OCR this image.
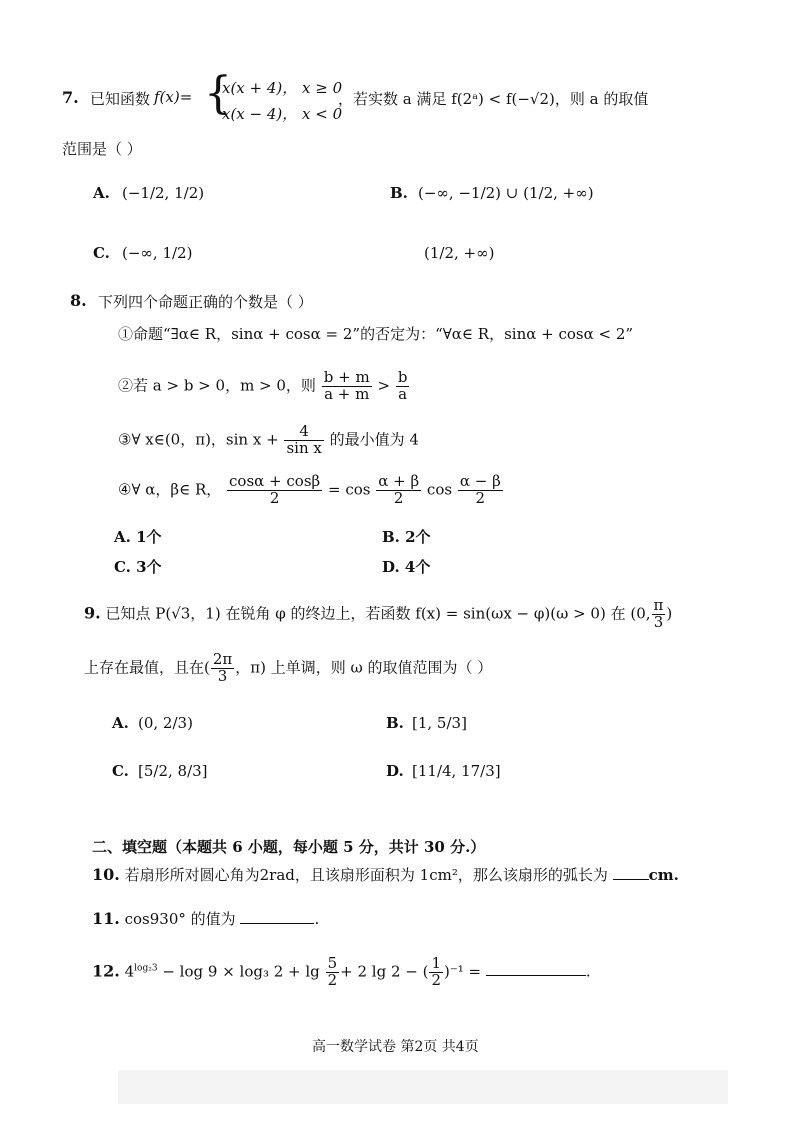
7. 已知函数 f(x)= {
x(x + 4)， x ≥ 0
x(x − 4)， x < 0
，若实数 a 满足 f(2ᵃ) < f(−√2)，则 a 的取值
范围是（ ）
A. (−1/2, 1/2)	B. (−∞, −1/2) ∪ (1/2, +∞)
C. (−∞, 1/2)	(1/2, +∞)
8. 下列四个命题正确的个数是（ ）
①命题“∃α∈ R，sinα + cosα = 2”的否定为：“∀α∈ R，sinα + cosα < 2”
②若 a > b > 0，m > 0，则 $\frac{b + m}{a + m} > \frac{b}{a}$
③∀ x∈(0，π)，$\sin x + \frac{4}{\text{sin x}}$ 的最小值为 4
④∀ α，β∈ R， $\frac{\cos\alpha + \cos\beta}{2} = \cos \frac{\alpha + \beta}{2}$ $\cos \frac{\alpha - \beta}{2}$
A. 1个	B. 2个
C. 3个	D. 4个
9. 已知点 P(√3，1) 在锐角 φ 的终边上，若函数 f(x) = sin(ωx − φ)(ω > 0) 在 (0, $\frac{\pi}{3}$ )
上存在最值，且在( $\frac{2\pi}{3}$ ，π) 上单调，则 ω 的取值范围为（ ）
A. (0, 2/3)	B. [1, 5/3]
C. [5/2, 8/3]	D. [11/4, 17/3]
二、填空题（本题共 6 小题，每小题 5 分，共计 30 分.）
10. 若扇形所对圆心角为2rad，且该扇形面积为 1cm²，那么该扇形的弧长为	cm.
11. cos930° 的值为	.
12. $4^{log_23} - \log 9 \times \log_3$ $2 + \lg \frac{5}{2} + 2$ lg 2 − ( $\frac{1}{2} )^{-1}$ =	.
高一数学试卷 第2页 共4页
